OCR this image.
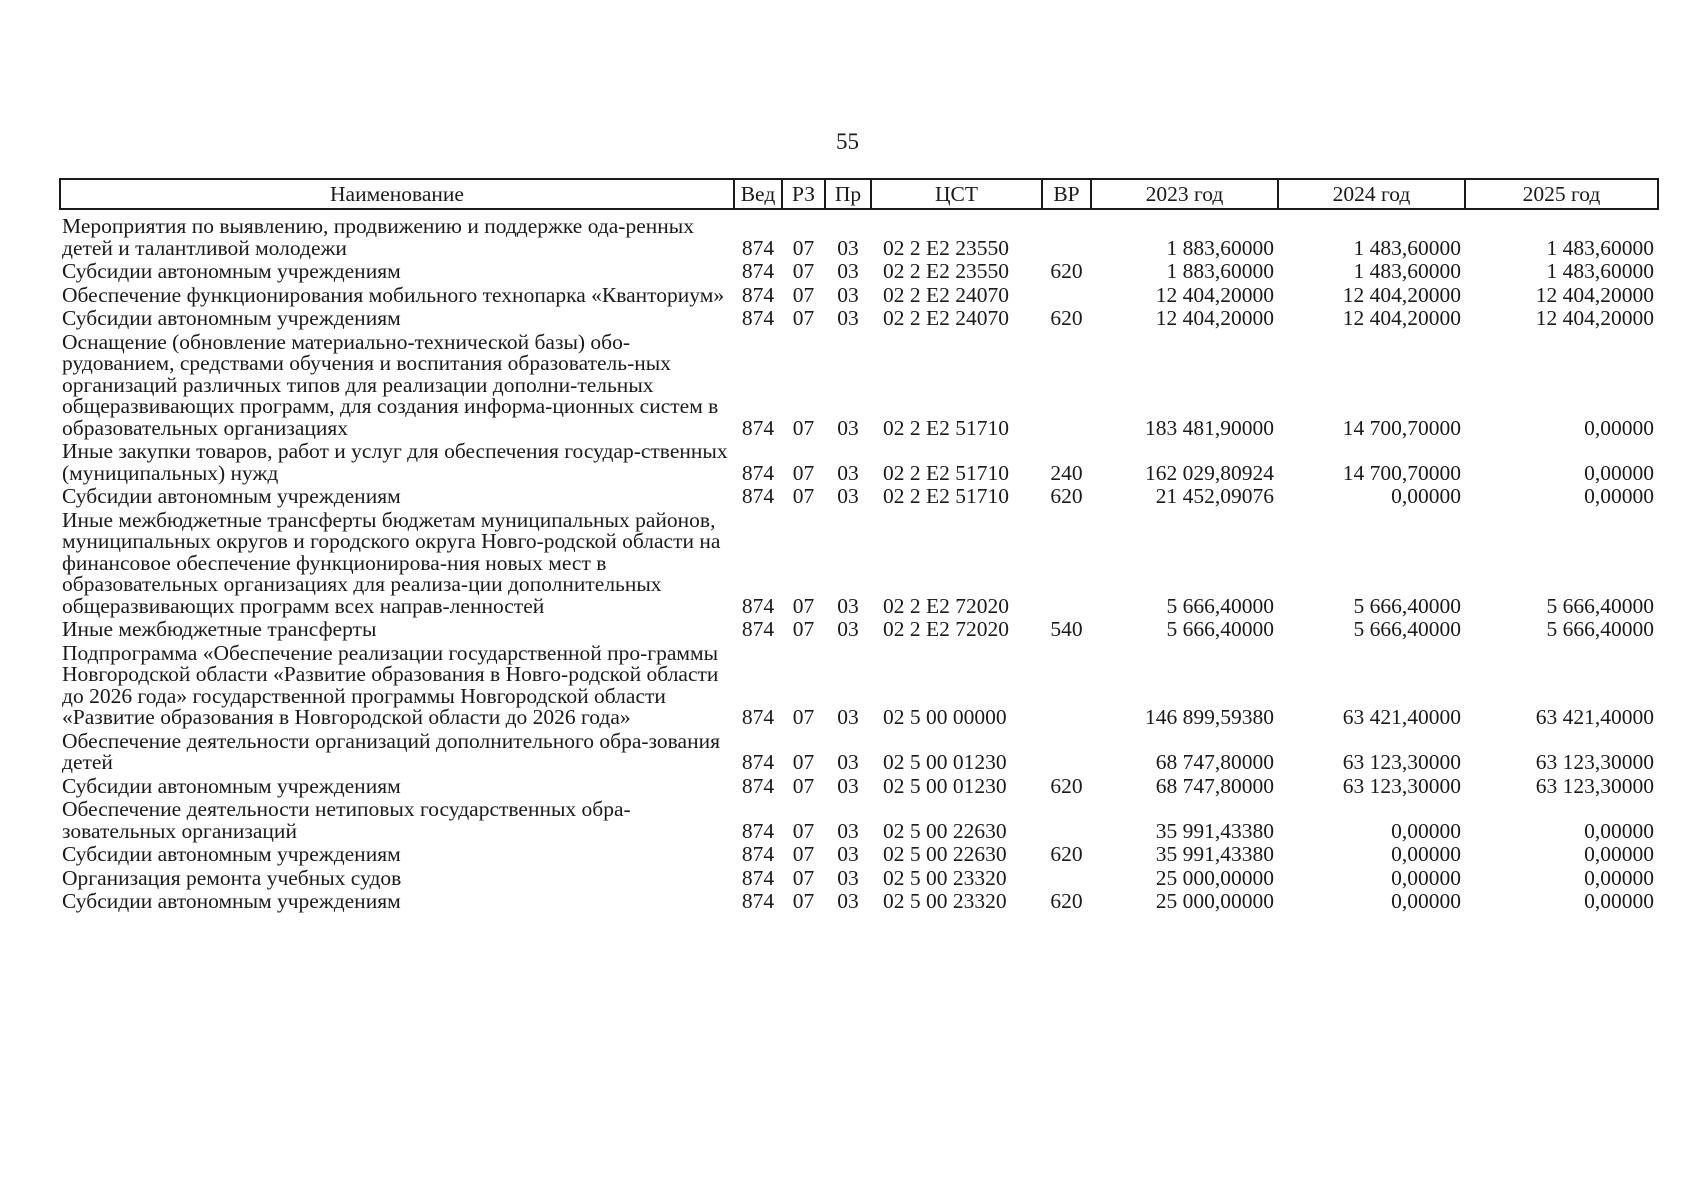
55
Наименование	Вед	РЗ	Пр	ЦСТ	ВР	2023 год	2024 год	2025 год
Мероприятия по выявлению, продвижению и поддержке ода-ренных детей и талантливой молодежи	874	07	03	02 2 E2 23550		1 883,60000	1 483,60000	1 483,60000
Субсидии автономным учреждениям	874	07	03	02 2 E2 23550	620	1 883,60000	1 483,60000	1 483,60000
Обеспечение функционирования мобильного технопарка «Кванториум»	874	07	03	02 2 E2 24070		12 404,20000	12 404,20000	12 404,20000
Субсидии автономным учреждениям	874	07	03	02 2 E2 24070	620	12 404,20000	12 404,20000	12 404,20000
Оснащение (обновление материально-технической базы) обо-рудованием, средствами обучения и воспитания образователь-ных организаций различных типов для реализации дополни-тельных общеразвивающих программ, для создания информа-ционных систем в образовательных организациях	874	07	03	02 2 E2 51710		183 481,90000	14 700,70000	0,00000
Иные закупки товаров, работ и услуг для обеспечения государ-ственных (муниципальных) нужд	874	07	03	02 2 E2 51710	240	162 029,80924	14 700,70000	0,00000
Субсидии автономным учреждениям	874	07	03	02 2 E2 51710	620	21 452,09076	0,00000	0,00000
Иные межбюджетные трансферты бюджетам муниципальных районов, муниципальных округов и городского округа Новго-родской области на финансовое обеспечение функционирова-ния новых мест в образовательных организациях для реализа-ции дополнительных общеразвивающих программ всех направ-ленностей	874	07	03	02 2 E2 72020		5 666,40000	5 666,40000	5 666,40000
Иные межбюджетные трансферты	874	07	03	02 2 E2 72020	540	5 666,40000	5 666,40000	5 666,40000
Подпрограмма «Обеспечение реализации государственной про-граммы Новгородской области «Развитие образования в Новго-родской области до 2026 года» государственной программы Новгородской области «Развитие образования в Новгородской области до 2026 года»	874	07	03	02 5 00 00000		146 899,59380	63 421,40000	63 421,40000
Обеспечение деятельности организаций дополнительного обра-зования детей	874	07	03	02 5 00 01230		68 747,80000	63 123,30000	63 123,30000
Субсидии автономным учреждениям	874	07	03	02 5 00 01230	620	68 747,80000	63 123,30000	63 123,30000
Обеспечение деятельности нетиповых государственных обра-зовательных организаций	874	07	03	02 5 00 22630		35 991,43380	0,00000	0,00000
Субсидии автономным учреждениям	874	07	03	02 5 00 22630	620	35 991,43380	0,00000	0,00000
Организация ремонта учебных судов	874	07	03	02 5 00 23320		25 000,00000	0,00000	0,00000
Субсидии автономным учреждениям	874	07	03	02 5 00 23320	620	25 000,00000	0,00000	0,00000
